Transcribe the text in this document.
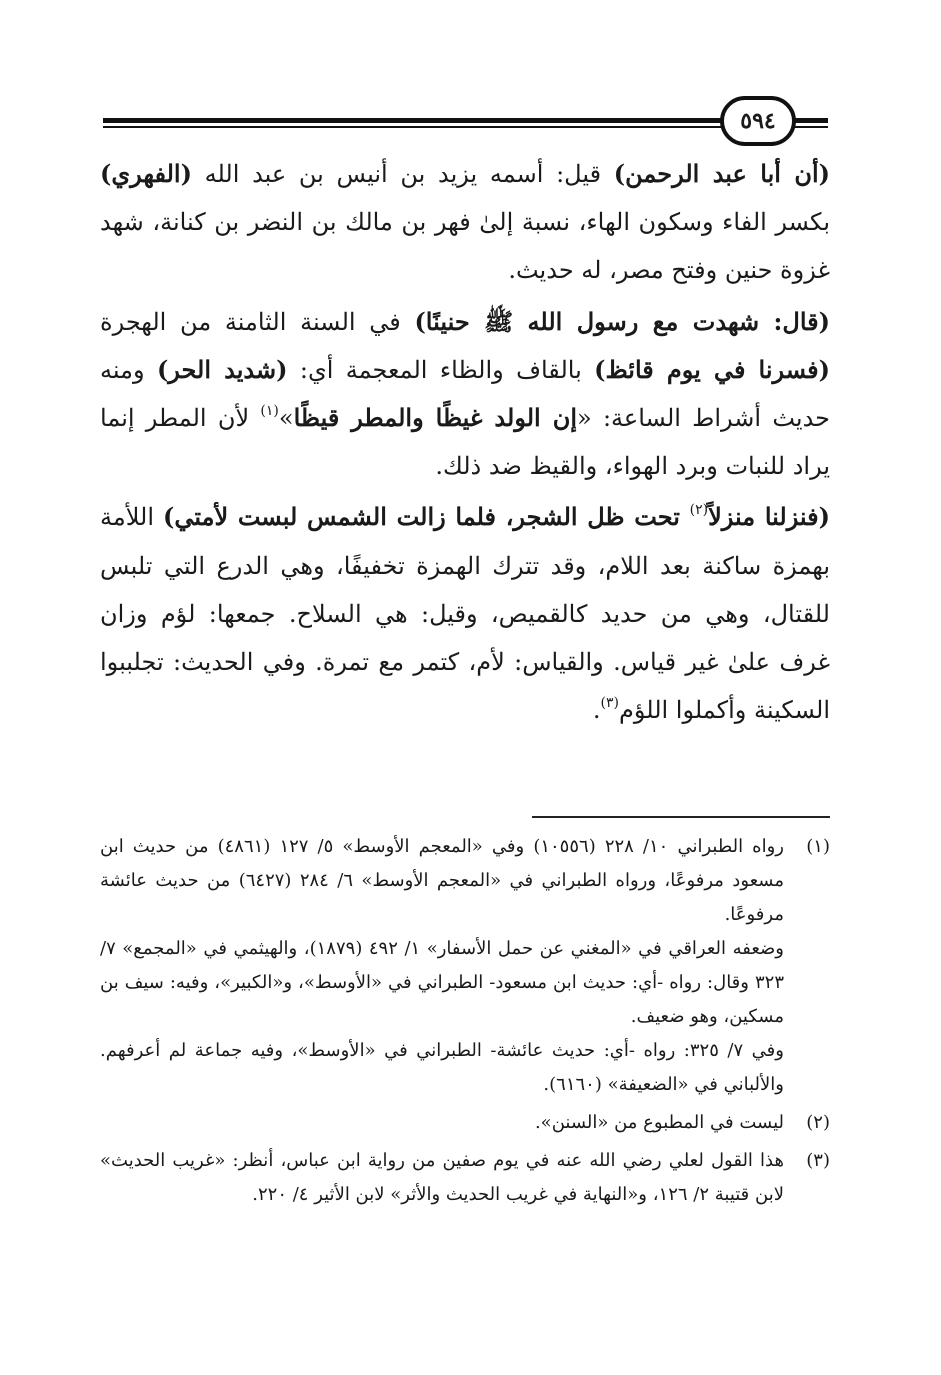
٥٩٤

(أن أبا عبد الرحمن) قيل: أسمه يزيد بن أنيس بن عبد الله (الفهري) بكسر الفاء وسكون الهاء، نسبة إلىٰ فهر بن مالك بن النضر بن كنانة، شهد غزوة حنين وفتح مصر، له حديث.

(قال: شهدت مع رسول الله ﷺ حنينًا) في السنة الثامنة من الهجرة (فسرنا في يوم قائظ) بالقاف والظاء المعجمة أي: (شديد الحر) ومنه حديث أشراط الساعة: «إن الولد غيظًا والمطر قيظًا»$^{(١)}$ لأن المطر إنما يراد للنبات وبرد الهواء، والقيظ ضد ذلك.

(فنزلنا منزلاً$^{(٢)}$ تحت ظل الشجر، فلما زالت الشمس لبست لأمتي) اللأمة بهمزة ساكنة بعد اللام، وقد تترك الهمزة تخفيفًا، وهي الدرع التي تلبس للقتال، وهي من حديد كالقميص، وقيل: هي السلاح. جمعها: لؤم وزان غرف علىٰ غير قياس. والقياس: لأم، كتمر مع تمرة. وفي الحديث: تجلببوا السكينة وأكملوا اللؤم$^{(٣)}$.

(١)
رواه الطبراني ١٠/ ٢٢٨ (١٠٥٥٦) وفي «المعجم الأوسط» ٥/ ١٢٧ (٤٨٦١) من حديث ابن مسعود مرفوعًا، ورواه الطبراني في «المعجم الأوسط» ٦/ ٢٨٤ (٦٤٢٧) من حديث عائشة مرفوعًا.
وضعفه العراقي في «المغني عن حمل الأسفار» ١/ ٤٩٢ (١٨٧٩)، والهيثمي في «المجمع» ٧/ ٣٢٣ وقال: رواه -أي: حديث ابن مسعود- الطبراني في «الأوسط»، و«الكبير»، وفيه: سيف بن مسكين، وهو ضعيف.
وفي ٧/ ٣٢٥: رواه -أي: حديث عائشة- الطبراني في «الأوسط»، وفيه جماعة لم أعرفهم. والألباني في «الضعيفة» (٦١٦٠).
(٢)
ليست في المطبوع من «السنن».
(٣)
هذا القول لعلي رضي الله عنه في يوم صفين من رواية ابن عباس، أنظر: «غريب الحديث» لابن قتيبة ٢/ ١٢٦، و«النهاية في غريب الحديث والأثر» لابن الأثير ٤/ ٢٢٠.
